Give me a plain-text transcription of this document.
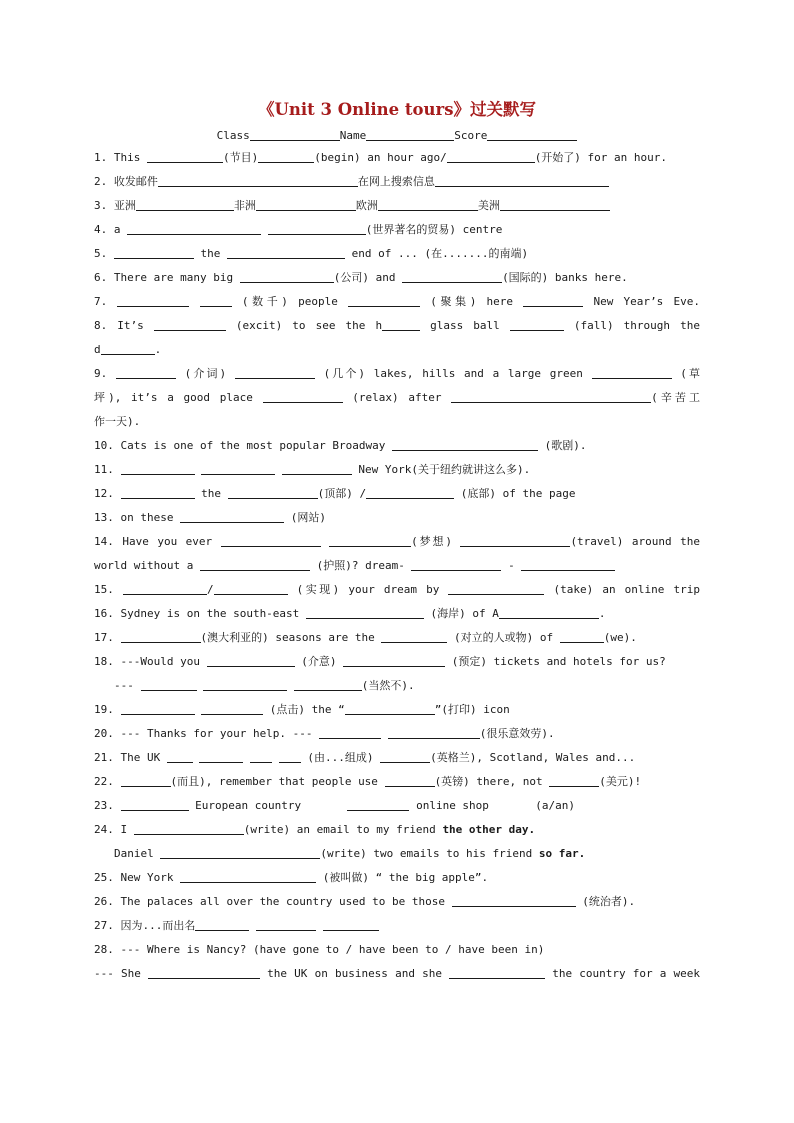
《Unit 3 Online tours》过关默写
Class	Name	Score
1. This	(节目)	(begin) an hour ago/	(开始了) for an hour.
2. 收发邮件	在网上搜索信息
3. 亚洲	非洲	欧洲	美洲
4. a	(世界著名的贸易) centre
5.	the	end of ... (在.......的南端)
6. There are many big	(公司) and	(国际的) banks here.
7.	(数千) people	(聚集) here	New Year’s Eve.
8. It’s	(excit) to see the h	glass ball	(fall) through the
d	.
9.	(介词)	(几个) lakes, hills and a large green	(草
坪), it’s a good place	(relax) after	(辛苦工
作一天).
10. Cats is one of the most popular Broadway	(歌剧).
11.	New York(关于纽约就讲这么多).
12.	the	(顶部) /	(底部) of the page
13. on these	(网站)
14. Have you ever	(梦想)	(travel) around the
world without a	(护照)? dream-	-
15.	/	(实现) your dream by	(take) an online trip
16. Sydney is on the south-east	(海岸) of A	.
17.	(澳大利亚的) seasons are the	(对立的人或物) of	(we).
18. ---Would you	(介意)	(预定) tickets and hotels for us?
---	(当然不).
19.	(点击) the “	”(打印) icon
20. --- Thanks for your help. ---	(很乐意效劳).
21. The UK	(由...组成)	(英格兰), Scotland, Wales and...
22.	(而且), remember that people use	(英镑) there, not	(美元)!
23.	European country	online shop       (a/an)
24. I	(write) an email to my friend the other day.
Daniel	(write) two emails to his friend so far.
25. New York	(被叫做) “ the big apple”.
26. The palaces all over the country used to be those	(统治者).
27. 因为...而出名
28. --- Where is Nancy? (have gone to / have been to / have been in)
--- She	the UK on business and she	the country for a week
